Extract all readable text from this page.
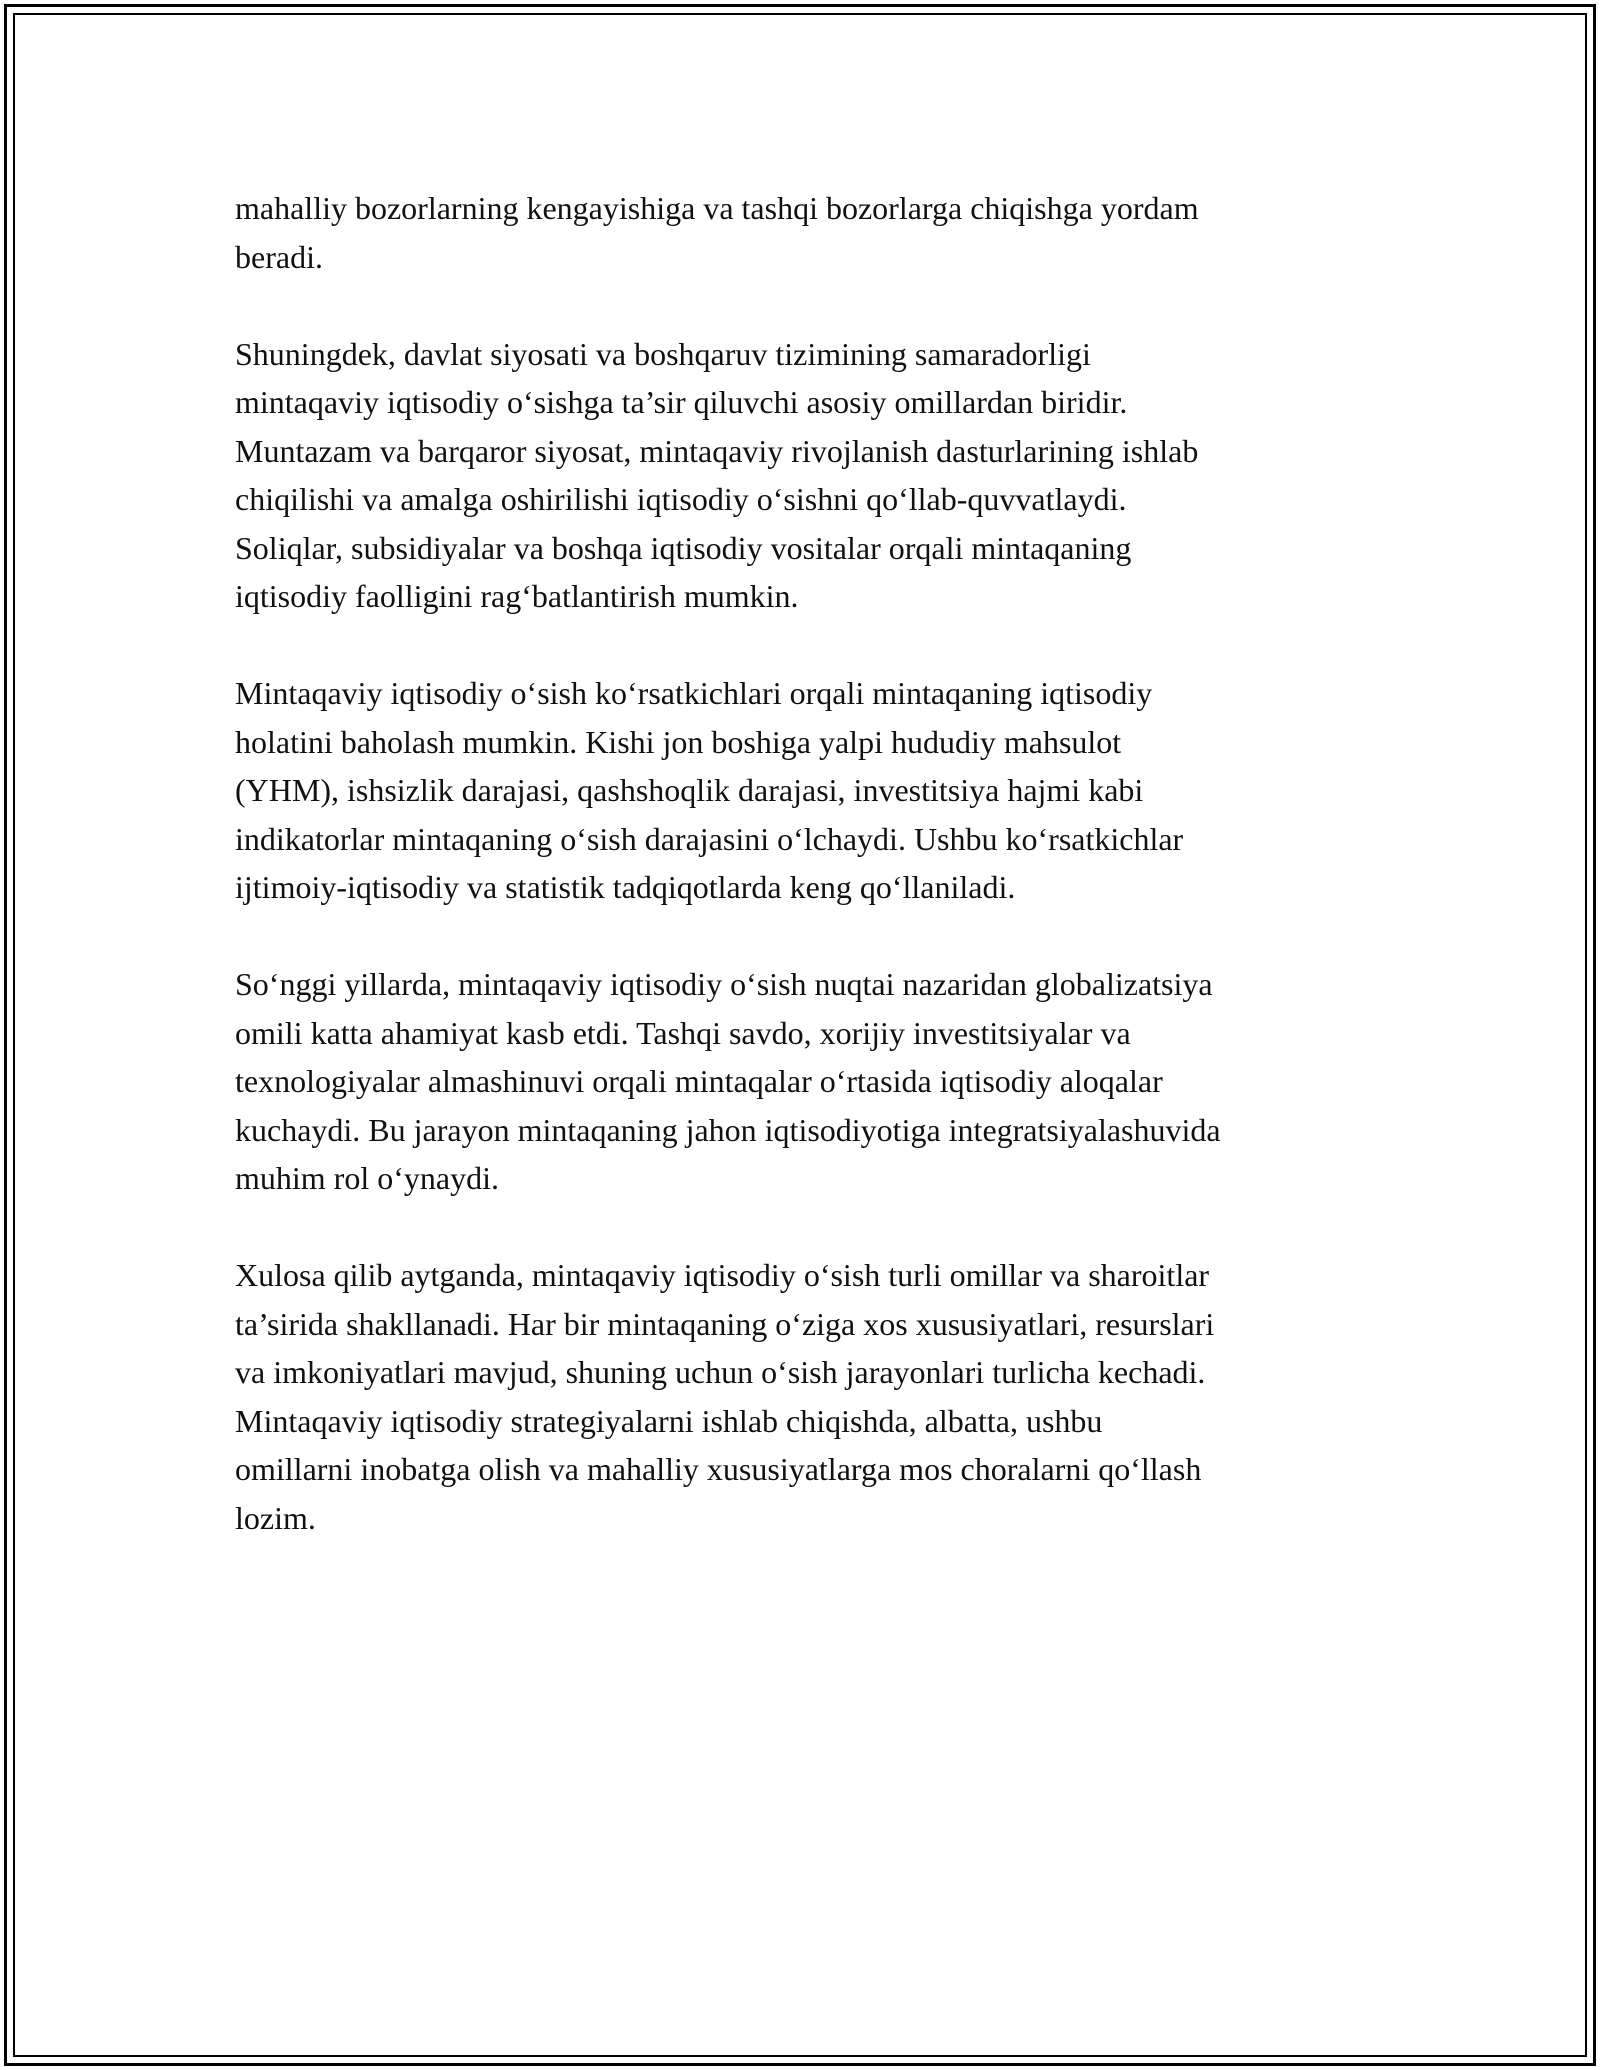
mahalliy bozorlarning kengayishiga va tashqi bozorlarga chiqishga yordam
beradi.

Shuningdek, davlat siyosati va boshqaruv tizimining samaradorligi
mintaqaviy iqtisodiy o‘sishga ta’sir qiluvchi asosiy omillardan biridir.
Muntazam va barqaror siyosat, mintaqaviy rivojlanish dasturlarining ishlab
chiqilishi va amalga oshirilishi iqtisodiy o‘sishni qo‘llab-quvvatlaydi.
Soliqlar, subsidiyalar va boshqa iqtisodiy vositalar orqali mintaqaning
iqtisodiy faolligini rag‘batlantirish mumkin.

Mintaqaviy iqtisodiy o‘sish ko‘rsatkichlari orqali mintaqaning iqtisodiy
holatini baholash mumkin. Kishi jon boshiga yalpi hududiy mahsulot
(YHM), ishsizlik darajasi, qashshoqlik darajasi, investitsiya hajmi kabi
indikatorlar mintaqaning o‘sish darajasini o‘lchaydi. Ushbu ko‘rsatkichlar
ijtimoiy-iqtisodiy va statistik tadqiqotlarda keng qo‘llaniladi.

So‘nggi yillarda, mintaqaviy iqtisodiy o‘sish nuqtai nazaridan globalizatsiya
omili katta ahamiyat kasb etdi. Tashqi savdo, xorijiy investitsiyalar va
texnologiyalar almashinuvi orqali mintaqalar o‘rtasida iqtisodiy aloqalar
kuchaydi. Bu jarayon mintaqaning jahon iqtisodiyotiga integratsiyalashuvida
muhim rol o‘ynaydi.

Xulosa qilib aytganda, mintaqaviy iqtisodiy o‘sish turli omillar va sharoitlar
ta’sirida shakllanadi. Har bir mintaqaning o‘ziga xos xususiyatlari, resurslari
va imkoniyatlari mavjud, shuning uchun o‘sish jarayonlari turlicha kechadi.
Mintaqaviy iqtisodiy strategiyalarni ishlab chiqishda, albatta, ushbu
omillarni inobatga olish va mahalliy xususiyatlarga mos choralarni qo‘llash
lozim.
